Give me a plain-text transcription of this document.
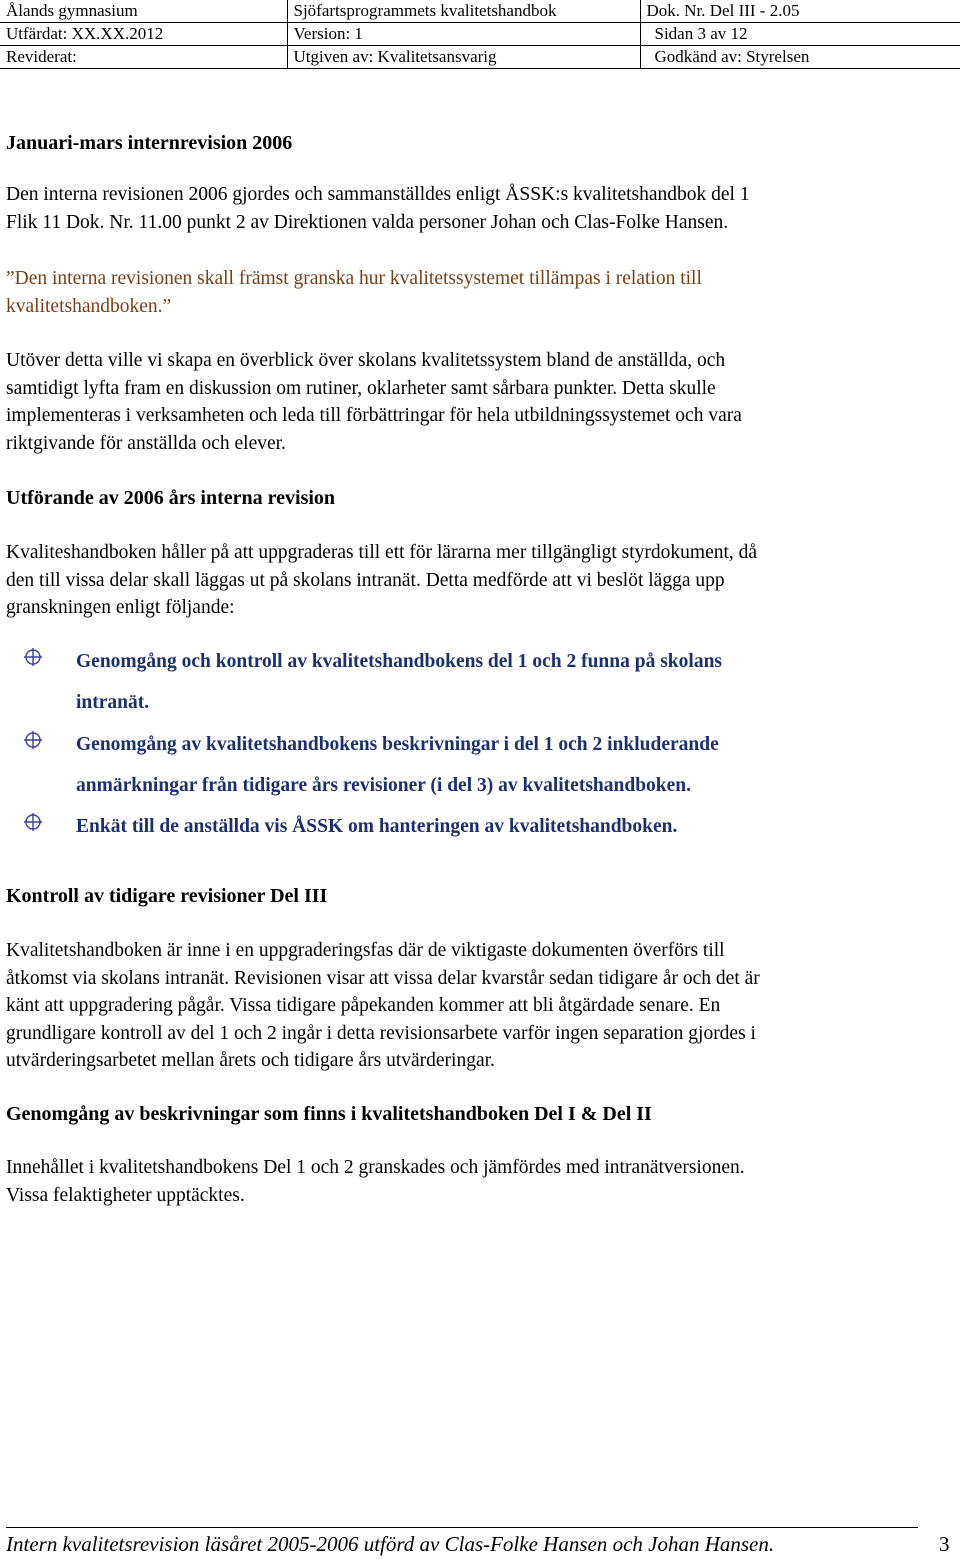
Ålands gymnasium	Sjöfartsprogrammets kvalitetshandbok	Dok. Nr. Del III - 2.05
Utfärdat: XX.XX.2012	Version: 1	Sidan 3 av 12
Reviderat:	Utgiven av: Kvalitetsansvarig	Godkänd av: Styrelsen
Januari-mars internrevision 2006
Den interna revisionen 2006 gjordes och sammanställdes enligt ÅSSK:s kvalitetshandbok del 1
Flik 11 Dok. Nr. 11.00 punkt 2 av Direktionen valda personer Johan och Clas-Folke Hansen.
”Den interna revisionen skall främst granska hur kvalitetssystemet tillämpas i relation till
kvalitetshandboken.”
Utöver detta ville vi skapa en överblick över skolans kvalitetssystem bland de anställda, och
samtidigt lyfta fram en diskussion om rutiner, oklarheter samt sårbara punkter. Detta skulle
implementeras i verksamheten och leda till förbättringar för hela utbildningssystemet och vara
riktgivande för anställda och elever.
Utförande av 2006 års interna revision
Kvaliteshandboken håller på att uppgraderas till ett för lärarna mer tillgängligt styrdokument, då
den till vissa delar skall läggas ut på skolans intranät. Detta medförde att vi beslöt lägga upp
granskningen enligt följande:
Genomgång och kontroll av kvalitetshandbokens del 1 och 2 funna på skolans
intranät.
Genomgång av kvalitetshandbokens beskrivningar i del 1 och 2 inkluderande
anmärkningar från tidigare års revisioner (i del 3) av kvalitetshandboken.
Enkät till de anställda vis ÅSSK om hanteringen av kvalitetshandboken.
Kontroll av tidigare revisioner Del III
Kvalitetshandboken är inne i en uppgraderingsfas där de viktigaste dokumenten överförs till
åtkomst via skolans intranät. Revisionen visar att vissa delar kvarstår sedan tidigare år och det är
känt att uppgradering pågår. Vissa tidigare påpekanden kommer att bli åtgärdade senare. En
grundligare kontroll av del 1 och 2 ingår i detta revisionsarbete varför ingen separation gjordes i
utvärderingsarbetet mellan årets och tidigare års utvärderingar.
Genomgång av beskrivningar som finns i kvalitetshandboken Del I & Del II
Innehållet i kvalitetshandbokens Del 1 och 2 granskades och jämfördes med intranätversionen.
Vissa felaktigheter upptäcktes.
Intern kvalitetsrevision läsåret 2005-2006 utförd av Clas-Folke Hansen och Johan Hansen.	3
